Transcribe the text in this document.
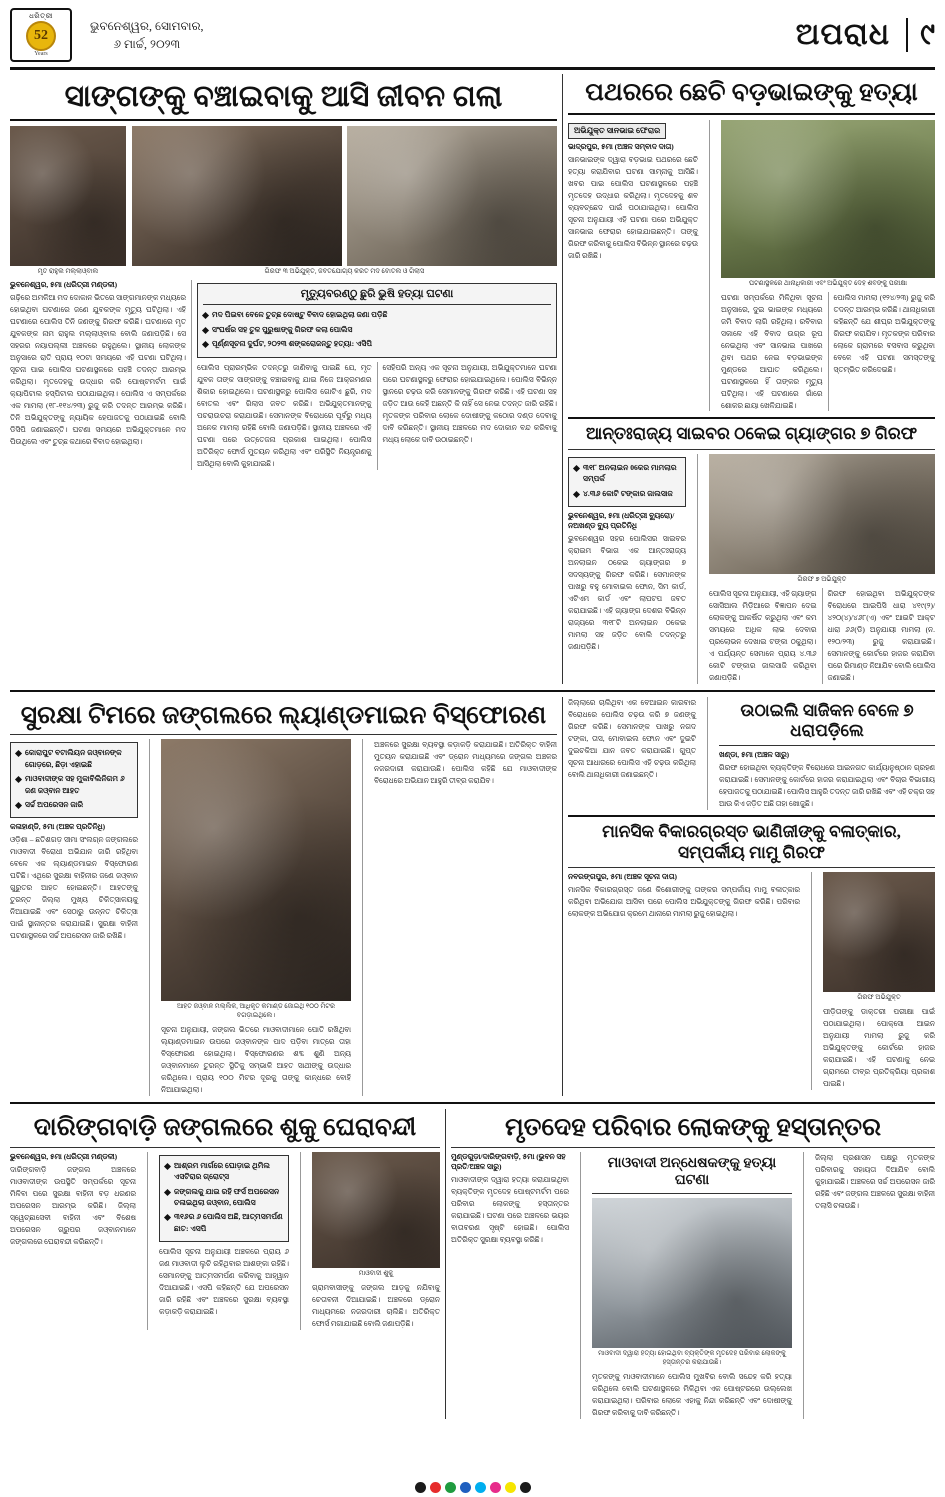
ଧରିତ୍ରୀ
52
Years
ଭୁବନେଶ୍ୱର, ସୋମବାର,
୬ ମାର୍ଚ୍ଚ, ୨୦୨୩	ଅପରାଧ	୯
ସାଙ୍ଗଙ୍କୁ ବଞ୍ଚାଇବାକୁ ଆସି ଜୀବନ ଗଲା
ମୃତ ରାହୁଲ ମଲ୍ଲାଓ୍ବାଲ	ଗିରଫ ୩ ଅଭିଯୁକ୍ତ, ଜବତଯୋଗ୍ୟ କରତ ମଦ ବୋତଲ ଓ ଗିଲାସ
ଭୁବନେଶ୍ୱର, ୫ମା (ଧରିତ୍ରୀ ମଣ୍ଡଳୀ)
ଗଢ଼ିରେ ଅମଳିଆ ମଦ ଦୋକାନ ଭିତରେ ସାଙ୍ଗମାନଙ୍କ ମଧ୍ୟରେ ହୋଇଥିବା ଘଟଣାରେ ଜଣେ ଯୁବକଙ୍କ ମୃତ୍ୟୁ ଘଟିଥିଲା। ଏହି ଘଟଣାରେ ପୋଲିସ ତିନି ଜଣଙ୍କୁ ଗିରଫ କରିଛି। ଘଟଣାରେ ମୃତ ଯୁବକଙ୍କ ନାମ ରାହୁଲ ମଲ୍ଲାଓ୍ବାଲ ବୋଲି ଜଣାପଡ଼ିଛି। ସେ ସହରର ନୟାପଲ୍ଲୀ ଅଞ୍ଚଳରେ ରହୁଥିଲେ। ସ୍ଥାନୀୟ ଲୋକଙ୍କ ଅନୁସାରେ ରାତି ପ୍ରାୟ ୧୦ଟା ସମୟରେ ଏହି ଘଟଣା ଘଟିଥିଲା। ସୂଚନା ପାଇ ପୋଲିସ ଘଟଣାସ୍ଥଳରେ ପହଞ୍ଚି ତଦନ୍ତ ଆରମ୍ଭ କରିଥିଲା। ମୃତଦେହକୁ ଉଦ୍ଧାର କରି ପୋଷ୍ଟମର୍ଟମ ପାଇଁ କ୍ୟାପିଟାଲ ହସ୍ପିଟାଲ ପଠାଯାଇଥିଲା। ପୋଲିସ ଏ ସମ୍ପର୍କରେ ଏକ ମାମଲା (୧୮-୧୧୪/୨୩) ରୁଜୁ କରି ତଦନ୍ତ ଆରମ୍ଭ କରିଛି। ତିନି ଅଭିଯୁକ୍ତଙ୍କୁ ନ୍ୟାୟିକ ହେପାଜତକୁ ପଠାଯାଇଛି ବୋଲି ଡିସିପି ଜଣାଇଛନ୍ତି। ଘଟଣା ସମୟରେ ଅଭିଯୁକ୍ତମାନେ ମଦ ପିଉଥିଲେ ଏବଂ ତୁଚ୍ଛ କଥାରେ ବିବାଦ ହୋଇଥିଲା।
ମୃତ୍ୟୁବରଣ୍ଠୁ ଛୁରି ଭୁଷି ହତ୍ୟା ଘଟଣା
ମଦ ପିଇବା ବେଳେ ତୁଚ୍ଛ ଦୋଷ୍ଟୁ ବିବାଦ ହୋଇଥିଲା ଜଣା ପଡ଼ିଛି
ସଂଘର୍ଷର ସହ ତୁଳ ପୁରୁଷାଙ୍କୁ ଗିରଫ କଲା ପୋଲିସ
ପୂର୍ଣ୍ଣସୂଚନା ଦୁର୍ଘଟ, ୨୦୨୩ ଶଙ୍କରୋଜନ୍ତୁ ହତ୍ୟା: ଏସିପି
ପୋଲିସ ପ୍ରାରମ୍ଭିକ ତଦନ୍ତରୁ ଜାଣିବାକୁ ପାଇଛି ଯେ, ମୃତ ଯୁବକ ତାଙ୍କ ସାଙ୍ଗଙ୍କୁ ବଞ୍ଚାଇବାକୁ ଯାଇ ନିଜେ ଆକ୍ରମଣର ଶିକାର ହୋଇଥିଲେ। ଘଟଣାସ୍ଥଳରୁ ପୋଲିସ ଗୋଟିଏ ଛୁରି, ମଦ ବୋତଲ ଏବଂ ଗିଲାସ ଜବତ କରିଛି। ଅଭିଯୁକ୍ତମାନଙ୍କୁ ପଚରାଉଚରା କରାଯାଉଛି। ସେମାନଙ୍କ ବିରୋଧରେ ପୂର୍ବରୁ ମଧ୍ୟ ଅନେକ ମାମଲା ରହିଛି ବୋଲି ଜଣାପଡ଼ିଛି। ସ୍ଥାନୀୟ ଅଞ୍ଚଳରେ ଏହି ଘଟଣା ପରେ ଉତ୍ତେଜନା ପ୍ରକାଶ ପାଇଥିଲା। ପୋଲିସ ଅତିରିକ୍ତ ଫୋର୍ସ ମୁତୟନ କରିଥିଲା ଏବଂ ପରିସ୍ଥିତି ନିୟନ୍ତ୍ରଣକୁ ଆସିଥିଲା ବୋଲି କୁହାଯାଇଛି।
ସେହିପରି ଅନ୍ୟ ଏକ ସୂଚନା ଅନୁଯାୟୀ, ଅଭିଯୁକ୍ତମାନେ ଘଟଣା ପରେ ଘଟଣାସ୍ଥଳରୁ ଫେରାର ହୋଇଯାଇଥିଲେ। ପୋଲିସ ବିଭିନ୍ନ ସ୍ଥାନରେ ଚଢ଼ଉ କରି ସେମାନଙ୍କୁ ଗିରଫ କରିଛି। ଏହି ଘଟଣା ସହ ଜଡ଼ିତ ଆଉ କେହି ଅଛନ୍ତି କି ନାହିଁ ସେ ନେଇ ତଦନ୍ତ ଜାରି ରହିଛି। ମୃତକଙ୍କ ପରିବାର ଲୋକେ ଦୋଷୀଙ୍କୁ କଠୋର ଦଣ୍ଡ ଦେବାକୁ ଦାବି କରିଛନ୍ତି। ସ୍ଥାନୀୟ ଅଞ୍ଚଳରେ ମଦ ଦୋକାନ ବନ୍ଦ କରିବାକୁ ମଧ୍ୟ ଲୋକେ ଦାବି ଉଠାଇଛନ୍ତି।
ପଥରରେ ଛେଚି ବଡ଼ଭାଇଙ୍କୁ ହତ୍ୟା
ଅଭିଯୁକ୍ତ ସାନଭାଇ ଫେରାର
ଭାଦ୍ରପୁର, ୫ମା (ଅଞ୍ଚଳ ସମ୍ବାଦ ଦାତା)
ସାନଭାଇଙ୍କ ଦ୍ୱାରା ବଡ଼ଭାଇ ପଥରରେ ଛେଚି ହତ୍ୟା କରାଯିବାର ଘଟଣା ସାମ୍ନାକୁ ଆସିଛି। ଖବର ପାଇ ପୋଲିସ ଘଟଣାସ୍ଥଳରେ ପହଞ୍ଚି ମୃତଦେହ ଉଦ୍ଧାର କରିଥିଲା। ମୃତଦେହକୁ ଶବ ବ୍ୟବଚ୍ଛେଦ ପାଇଁ ପଠାଯାଇଥିଲା। ପୋଲିସ ସୂଚନା ଅନୁଯାୟୀ ଏହି ଘଟଣା ପରେ ଅଭିଯୁକ୍ତ ସାନଭାଇ ଫେରାର ହୋଇଯାଇଛନ୍ତି। ତାଙ୍କୁ ଗିରଫ କରିବାକୁ ପୋଲିସ ବିଭିନ୍ନ ସ୍ଥାନରେ ଚଢ଼ଉ ଜାରି ରଖିଛି।
ଘଟଣାସ୍ଥଳରେ ଥାନାଧିକାରୀ ଏବଂ ଅଭିଯୁକ୍ତ ଦେହ ଶବଙ୍କୁ ପରୀକ୍ଷା
ଘଟଣା ସମ୍ପର୍କରେ ମିଳିଥିବା ସୂଚନା ଅନୁସାରେ, ଦୁଇ ଭାଇଙ୍କ ମଧ୍ୟରେ ଜମି ବିବାଦ ଲାଗି ରହିଥିଲା। ରବିବାର ସକାଳେ ଏହି ବିବାଦ ଉଗ୍ର ରୂପ ନେଇଥିଲା ଏବଂ ସାନଭାଇ ପାଖରେ ଥିବା ପଥର ନେଇ ବଡ଼ଭାଇଙ୍କ ମୁଣ୍ଡରେ ଆଘାତ କରିଥିଲେ। ଘଟଣାସ୍ଥଳରେ ହିଁ ତାଙ୍କର ମୃତ୍ୟୁ ଘଟିଥିଲା। ଏହି ଘଟଣାରେ ଗାଁରେ ଶୋକର ଛାୟା ଖେଳିଯାଇଛି।
ପୋଲିସ ମାମଲା (୧୨୪/୨୩) ରୁଜୁ କରି ତଦନ୍ତ ଆରମ୍ଭ କରିଛି। ଥାନାଧିକାରୀ କହିଛନ୍ତି ଯେ ଶୀଘ୍ର ଅଭିଯୁକ୍ତଙ୍କୁ ଗିରଫ କରାଯିବ। ମୃତକଙ୍କ ପରିବାର ଲୋକେ ଗ୍ରାମରେ ବସବାସ କରୁଥିବା ବେଳେ ଏହି ଘଟଣା ସମସ୍ତଙ୍କୁ ସ୍ତମ୍ଭିତ କରିଦେଇଛି।
ଆନ୍ତଃରାଜ୍ୟ ସାଇବର ଠକେଇ ଗ୍ୟାଙ୍ଗର ୭ ଗିରଫ
୩୧୮ ଅନଲାଇନ 06କର ମାମଲାର ସମ୍ପର୍କ
୪.୩୬ କୋଟି ଟଙ୍କାର ଜାଲସାଜ
ଭୁବନେଶ୍ୱର, ୫ମା (ଧରିତ୍ରୀ ବ୍ୟୁରୋ)/ ନଅଖଣ୍ଡ ବ୍ୟୁ ପ୍ରତିନିଧି
ଭୁବନେଶ୍ୱର ସହର ପୋଲିସର ସାଇବର କ୍ରାଇମ ବିଭାଗ ଏକ ଆନ୍ତଃରାଜ୍ୟ ଅନଲାଇନ ଠକେଇ ଗ୍ୟାଙ୍ଗର ୭ ସଦସ୍ୟଙ୍କୁ ଗିରଫ କରିଛି। ସେମାନଙ୍କ ପାଖରୁ ବହୁ ମୋବାଇଲ ଫୋନ, ସିମ କାର୍ଡ, ଏଟିଏମ କାର୍ଡ ଏବଂ ଲାପଟପ ଜବତ କରାଯାଇଛି। ଏହି ଗ୍ୟାଙ୍ଗ ଦେଶର ବିଭିନ୍ନ ରାଜ୍ୟରେ ୩୧୮ଟି ଅନଲାଇନ ଠକେଇ ମାମଲା ସହ ଜଡ଼ିତ ବୋଲି ତଦନ୍ତରୁ ଜଣାପଡ଼ିଛି।
ଗିରଫ ୭ ଅଭିଯୁକ୍ତ
ପୋଲିସ ସୂଚନା ଅନୁଯାୟୀ, ଏହି ଗ୍ୟାଙ୍ଗ ସୋସିଆଲ ମିଡ଼ିଆରେ ବିଜ୍ଞାପନ ଦେଇ ଲୋକଙ୍କୁ ଆକର୍ଷିତ କରୁଥିଲା ଏବଂ କମ ସମୟରେ ଅଧିକ ଲାଭ ଦେବାର ପ୍ରଲୋଭନ ଦେଖାଇ ଟଙ୍କା ଠକୁଥିଲା। ଏ ପର୍ଯ୍ୟନ୍ତ ସେମାନେ ପ୍ରାୟ ୪.୩୬ କୋଟି ଟଙ୍କାର ଜାଲସାଜି କରିଥିବା ଜଣାପଡ଼ିଛି।
ଗିରଫ ହୋଇଥିବା ଅଭିଯୁକ୍ତଙ୍କ ବିରୋଧରେ ଆଇପିସି ଧାରା ୪୧୯(୨)/୪୨୦(୪)/୪୬୮(ଏ) ଏବଂ ଆଇଟି ଆକ୍ଟ ଧାରା ୬୬(ଡି) ଅନୁଯାୟୀ ମାମଲା (ନ. ୧୨୦/୨୩) ରୁଜୁ କରାଯାଇଛି। ସେମାନଙ୍କୁ କୋର୍ଟରେ ହାଜର କରାଯିବା ପରେ ରିମାଣ୍ଡ ନିଆଯିବ ବୋଲି ପୋଲିସ ଜଣାଇଛି।
ସୁରକ୍ଷା ଟିମରେ ଜଙ୍ଗଲରେ ଲ୍ୟାଣ୍ଡମାଇନ ବିସ୍ଫୋରଣ
କୋରାପୁଟ ବଟାଲିୟନ ଜଓ୍ବାନଙ୍କ ଗୋଡ଼ରେ, ଛିଡ଼ା ଏହାଇଛି
ମାଓବାଦୀଙ୍କ ସହ ମୁକାବିଲିନିଗମ ୬ ଜଣ ଜଓ୍ବାନ ଆହତ
ସର୍ଚ୍ଚ ଅପରେସନ ଜାରି
କଳାହାଣ୍ଡି, ୫ମା (ଅଞ୍ଚଳ ପ୍ରତିନିଧି)
ଓଡ଼ିଶା – ଛତିଶଗଡ଼ ସୀମା ସଂଲଗ୍ନ ଜଙ୍ଗଲରେ ମାଓବାଦୀ ବିରୋଧୀ ଅଭିଯାନ ଜାରି ରହିଥିବା ବେଳେ ଏକ ଲ୍ୟାଣ୍ଡମାଇନ ବିସ୍ଫୋରଣ ଘଟିଛି। ଏଥିରେ ସୁରକ୍ଷା ବାହିନୀର ଜଣେ ଜଓ୍ବାନ ଗୁରୁତର ଆହତ ହୋଇଛନ୍ତି। ଆହତଙ୍କୁ ତୁରନ୍ତ ଜିଲ୍ଲା ମୁଖ୍ୟ ଚିକିତ୍ସାଳୟକୁ ନିଆଯାଇଛି ଏବଂ ସେଠାରୁ ଉନ୍ନତ ଚିକିତ୍ସା ପାଇଁ ସ୍ଥାନାନ୍ତର କରାଯାଇଛି। ସୁରକ୍ଷା ବାହିନୀ ଘଟଣାସ୍ଥଳରେ ସର୍ଚ୍ଚ ଅପରେସନ ଜାରି ରଖିଛି।
ଆହତ ଜଓ୍ବାନ ମଲ୍ଲିକ, ଆଧିକୃତ କମାଣ୍ଡ ଜୋଇଥି ୧୦୦ ମିଟର ବଗଡ଼ାଇଥିଲେ।
ସୂଚନା ଅନୁଯାୟୀ, ଜଙ୍ଗଲ ଭିତରେ ମାଓବାଦୀମାନେ ପୋତି ରଖିଥିବା ଲ୍ୟାଣ୍ଡମାଇନ ଉପରେ ଜଓ୍ବାନଙ୍କ ପାଦ ପଡ଼ିବା ମାତ୍ରେ ତାହା ବିସ୍ଫୋରଣ ହୋଇଥିଲା। ବିସ୍ଫୋରଣର ଶବ୍ଦ ଶୁଣି ଅନ୍ୟ ଜଓ୍ବାନମାନେ ତୁରନ୍ତ ସ୍ଥିତିକୁ ସମ୍ଭାଳି ଆହତ ସାଥୀଙ୍କୁ ଉଦ୍ଧାର କରିଥିଲେ। ପ୍ରାୟ ୧୦୦ ମିଟର ଦୂରକୁ ତାଙ୍କୁ କାନ୍ଧରେ ବୋହି ନିଆଯାଇଥିଲା।
ଅଞ୍ଚଳରେ ସୁରକ୍ଷା ବ୍ୟବସ୍ଥା କଡ଼ାକଡ଼ି କରାଯାଇଛି। ଅତିରିକ୍ତ ବାହିନୀ ମୁତୟନ କରାଯାଇଛି ଏବଂ ଡ୍ରୋନ ମାଧ୍ୟମରେ ଜଙ୍ଗଲ ଅଞ୍ଚଳର ନଜରଦାରୀ କରାଯାଉଛି। ପୋଲିସ କହିଛି ଯେ ମାଓବାଦୀଙ୍କ ବିରୋଧରେ ଅଭିଯାନ ଆହୁରି ତୀବ୍ର କରାଯିବ।
ଜିଲ୍ଲାରେ ଚାଲିଥିବା ଏକ ବେଆଇନ କାରବାର ବିରୋଧରେ ପୋଲିସ ଚଢ଼ଉ କରି ୭ ଜଣଙ୍କୁ ଗିରଫ କରିଛି। ସେମାନଙ୍କ ପାଖରୁ ନଗଦ ଟଙ୍କା, ତାସ, ମୋବାଇଲ ଫୋନ ଏବଂ ଦୁଇଟି ଦୁଇଚକିଆ ଯାନ ଜବତ କରାଯାଇଛି। ଗୁପ୍ତ ସୂଚନା ଆଧାରରେ ପୋଲିସ ଏହି ଚଢ଼ଉ କରିଥିଲା ବୋଲି ଥାନାଧିକାରୀ ଜଣାଇଛନ୍ତି।
ଉଠାଇଲି ସାଜିକନ ବେଳେ ୭ ଧରାପଡ଼ିଲେ
ଖଣ୍ଡା, ୫ମା (ଅଞ୍ଚଳ ସାରୁ)
ଗିରଫ ହୋଇଥିବା ବ୍ୟକ୍ତିଙ୍କ ବିରୋଧରେ ଆଇନଗତ କାର୍ଯ୍ୟାନୁଷ୍ଠାନ ଗ୍ରହଣ କରାଯାଇଛି। ସେମାନଙ୍କୁ କୋର୍ଟରେ ହାଜର କରାଯାଇଥିଲା ଏବଂ ବିଚାର ବିଭାଗୀୟ ହେପାଜତକୁ ପଠାଯାଇଛି। ପୋଲିସ ଆହୁରି ତଦନ୍ତ ଜାରି ରଖିଛି ଏବଂ ଏହି ଚକ୍ର ସହ ଆଉ କିଏ ଜଡ଼ିତ ଅଛି ତାହା ଖୋଜୁଛି।
ମାନସିକ ବିକାରଗ୍ରସ୍ତ ଭାଣିଜୀଙ୍କୁ ବଳାତ୍କାର, ସମ୍ପର୍କୀୟ ମାମୁ ଗିରଫ
ନବରଙ୍ଗପୁର, ୫ମା (ଅଞ୍ଚଳ ସୂଚନା ଦାତା)
ମାନସିକ ବିକାରଗ୍ରସ୍ତ ଜଣେ କିଶୋରୀଙ୍କୁ ତାଙ୍କର ସମ୍ପର୍କୀୟ ମାମୁ ବଳାତ୍କାର କରିଥିବା ଅଭିଯୋଗ ଆସିବା ପରେ ପୋଲିସ ଅଭିଯୁକ୍ତଙ୍କୁ ଗିରଫ କରିଛି। ପରିବାର ଲୋକଙ୍କ ଅଭିଯୋଗ କ୍ରମେ ଥାନାରେ ମାମଲା ରୁଜୁ ହୋଇଥିଲା।
ଗିରଫ ଅଭିଯୁକ୍ତ
ପୀଡ଼ିତାଙ୍କୁ ଡାକ୍ତରୀ ପରୀକ୍ଷା ପାଇଁ ପଠାଯାଇଥିଲା। ପୋକ୍ସୋ ଆଇନ ଅନୁଯାୟୀ ମାମଲା ରୁଜୁ କରି ଅଭିଯୁକ୍ତଙ୍କୁ କୋର୍ଟରେ ହାଜର କରାଯାଇଛି। ଏହି ଘଟଣାକୁ ନେଇ ଗ୍ରାମରେ ତୀବ୍ର ପ୍ରତିକ୍ରିୟା ପ୍ରକାଶ ପାଇଛି।
ଦାରିଙ୍ଗବାଡ଼ି ଜଙ୍ଗଲରେ ଶୁକୁ ଘେରାବନ୍ଦୀ
ଭୁବନେଶ୍ୱର, ୫ମା (ଧରିତ୍ରୀ ମଣ୍ଡଳୀ)
ଦାରିଙ୍ଗବାଡ଼ି ଜଙ୍ଗଲ ଅଞ୍ଚଳରେ ମାଓବାଦୀଙ୍କ ଉପସ୍ଥିତି ସମ୍ପର୍କରେ ସୂଚନା ମିଳିବା ପରେ ସୁରକ୍ଷା ବାହିନୀ ବଡ଼ ଧରଣର ଅପରେସନ ଆରମ୍ଭ କରିଛି। ଜିଲ୍ଲା ସ୍ୱେଚ୍ଛାସେବୀ ବାହିନୀ ଏବଂ ବିଶେଷ ଅପରେସନ ଗ୍ରୁପର ଜଓ୍ବାନମାନେ ଜଙ୍ଗଲରେ ଘେରାବନ୍ଦୀ କରିଛନ୍ତି।
ଆଶ୍ରମ ମାର୍ଗରେ ଘୋଡ଼ାଇ ଥିମିଲ ଏସଟିରାର ଗ୍ରୋଟ୍ସ
ଜଙ୍ଗଲକୁ ଯାଇ ରହି ଫର୍ସ ଅପରେସନ ଚଳାଇଥିଲା ଜଓ୍ବାନ, ପୋଲିସ
୩୧୬ର ୬ ପୋଲିସ ଅଛି, ଆତ୍ମସମର୍ପଣ ଛାତ: ଏସପି
ପୋଲିସ ସୂଚନା ଅନୁଯାୟୀ ଅଞ୍ଚଳରେ ପ୍ରାୟ ୬ ଜଣ ମାଓବାଦୀ ଲୁଚି ରହିଥିବାର ଆଶଙ୍କା ରହିଛି। ସେମାନଙ୍କୁ ଆତ୍ମସମର୍ପଣ କରିବାକୁ ଆହ୍ୱାନ ଦିଆଯାଇଛି। ଏସପି କହିଛନ୍ତି ଯେ ଅପରେସନ ଜାରି ରହିଛି ଏବଂ ଅଞ୍ଚଳରେ ସୁରକ୍ଷା ବ୍ୟବସ୍ଥା କଡ଼ାକଡ଼ି କରାଯାଇଛି।
ମାଓବାଦୀ ଶୁକୁ
ଗ୍ରାମବାସୀଙ୍କୁ ଜଙ୍ଗଲ ଆଡ଼କୁ ନଯିବାକୁ ଚେତାବନୀ ଦିଆଯାଇଛି। ଅଞ୍ଚଳରେ ଡ୍ରୋନ ମାଧ୍ୟମରେ ନଜରଦାରୀ ଚାଲିଛି। ଅତିରିକ୍ତ ଫୋର୍ସ ମଗାଯାଇଛି ବୋଲି ଜଣାପଡ଼ିଛି।
ମୃତଦେହ ପରିବାର ଲୋକଙ୍କୁ ହସ୍ତାନ୍ତର
ମୁଣ୍ଡଗୁଡ଼ା/ଦାରିଙ୍ଗବାଡ଼ି, ୫ମା (ଭୁବନ ସହ ପ୍ରତି/ଅଞ୍ଚଳ ସାରୁ)
ମାଓବାଦୀଙ୍କ ଦ୍ୱାରା ହତ୍ୟା କରାଯାଇଥିବା ବ୍ୟକ୍ତିଙ୍କ ମୃତଦେହ ପୋଷ୍ଟମର୍ଟମ ପରେ ପରିବାର ଲୋକଙ୍କୁ ହସ୍ତାନ୍ତର କରାଯାଇଛି। ଘଟଣା ପରେ ଅଞ୍ଚଳରେ ଭୟର ବାତାବରଣ ସୃଷ୍ଟି ହୋଇଛି। ପୋଲିସ ଅତିରିକ୍ତ ସୁରକ୍ଷା ବ୍ୟବସ୍ଥା କରିଛି।
ମାଓବାଦୀ ଅନ୍ଧେଷକଙ୍କୁ ହତ୍ୟା ଘଟଣା
ମାଓବାଦୀ ଦ୍ୱାରା ହତ୍ୟା ହୋଇଥିବା ବ୍ୟକ୍ତିଙ୍କ ମୃତଦେହ ପରିବାର ଲୋକଙ୍କୁ ହସ୍ତାନ୍ତର କରାଯାଉଛି।
ମୃତକଙ୍କୁ ମାଓବାଦୀମାନେ ପୋଲିସ ମୁଖବିର ବୋଲି ସନ୍ଦେହ କରି ହତ୍ୟା କରିଥିଲେ ବୋଲି ଘଟଣାସ୍ଥଳରେ ମିଳିଥିବା ଏକ ପୋଷ୍ଟରରେ ଉଲ୍ଲେଖ କରାଯାଇଥିଲା। ପରିବାର ଲୋକେ ଏହାକୁ ନିନ୍ଦା କରିଛନ୍ତି ଏବଂ ଦୋଷୀଙ୍କୁ ଗିରଫ କରିବାକୁ ଦାବି କରିଛନ୍ତି।
ଜିଲ୍ଲା ପ୍ରଶାସନ ପକ୍ଷରୁ ମୃତକଙ୍କ ପରିବାରକୁ ସହାୟତା ଦିଆଯିବ ବୋଲି କୁହାଯାଇଛି। ଅଞ୍ଚଳରେ ସର୍ଚ୍ଚ ଅପରେସନ ଜାରି ରହିଛି ଏବଂ ଜଙ୍ଗଲ ଅଞ୍ଚଳରେ ସୁରକ୍ଷା ବାହିନୀ ତଲାସି ଚଳାଉଛି।
